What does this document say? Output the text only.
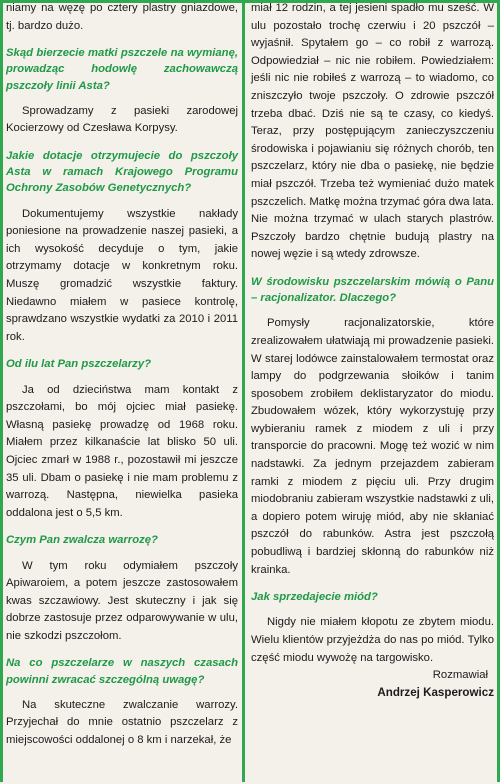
niamy na węzę po cztery plastry gniazdowe, tj. bardzo dużo.

Skąd bierzecie matki pszczele na wymianę, prowadząc hodowlę zachowawczą pszczoły linii Asta?

Sprowadzamy z pasieki zarodowej Kocierzowy od Czesława Korpysy.

Jakie dotacje otrzymujecie do pszczoły Asta w ramach Krajowego Programu Ochrony Zasobów Genetycznych?

Dokumentujemy wszystkie nakłady poniesione na prowadzenie naszej pasieki, a ich wysokość decyduje o tym, jakie otrzymamy dotacje w konkretnym roku. Muszę gromadzić wszystkie faktury. Niedawno miałem w pasiece kontrolę, sprawdzano wszystkie wydatki za 2010 i 2011 rok.

Od ilu lat Pan pszczelarzy?

Ja od dzieciństwa mam kontakt z pszczołami, bo mój ojciec miał pasiekę. Własną pasiekę prowadzę od 1968 roku. Miałem przez kilkanaście lat blisko 50 uli. Ojciec zmarł w 1988 r., pozostawił mi jeszcze 35 uli. Dbam o pasiekę i nie mam problemu z warrozą. Następna, niewielka pasieka oddalona jest o 5,5 km.

Czym Pan zwalcza warrozę?

W tym roku odymiałem pszczoły Apiwaroiem, a potem jeszcze zastosowałem kwas szczawiowy. Jest skuteczny i jak się dobrze zastosuje przez odparowywanie w ulu, nie szkodzi pszczołom.

Na co pszczelarze w naszych czasach powinni zwracać szczególną uwagę?

Na skuteczne zwalczanie warrozy. Przyjechał do mnie ostatnio pszczelarz z miejscowości oddalonej o 8 km i narzekał, że

miał 12 rodzin, a tej jesieni spadło mu sześć. W ulu pozostało trochę czerwiu i 20 pszczół – wyjaśnił. Spytałem go – co robił z warrozą. Odpowiedział – nic nie robiłem. Powiedziałem: jeśli nic nie robiłeś z warrozą – to wiadomo, co zniszczyło twoje pszczoły. O zdrowie pszczół trzeba dbać. Dziś nie są te czasy, co kiedyś. Teraz, przy postępującym zanieczyszczeniu środowiska i pojawianiu się różnych chorób, ten pszczelarz, który nie dba o pasiekę, nie będzie miał pszczół. Trzeba też wymieniać dużo matek pszczelich. Matkę można trzymać góra dwa lata. Nie można trzymać w ulach starych plastrów. Pszczoły bardzo chętnie budują plastry na nowej węzie i są wtedy zdrowsze.

W środowisku pszczelarskim mówią o Panu – racjonalizator. Dlaczego?

Pomysły racjonalizatorskie, które zrealizowałem ułatwiają mi prowadzenie pasieki. W starej lodówce zainstalowałem termostat oraz lampy do podgrzewania słoików i tanim sposobem zrobiłem deklistaryzator do miodu. Zbudowałem wózek, który wykorzystuję przy wybieraniu ramek z miodem z uli i przy transporcie do pracowni. Mogę też wozić w nim nadstawki. Za jednym przejazdem zabieram ramki z miodem z pięciu uli. Przy drugim miodobraniu zabieram wszystkie nadstawki z uli, a dopiero potem wiruję miód, aby nie skłaniać pszczół do rabunków. Astra jest pszczołą pobudliwą i bardziej skłonną do rabunków niż krainka.

Jak sprzedajecie miód?

Nigdy nie miałem kłopotu ze zbytem miodu. Wielu klientów przyjeżdża do nas po miód. Tylko część miodu wywożę na targowisko.

Rozmawiał
Andrzej Kasperowicz
